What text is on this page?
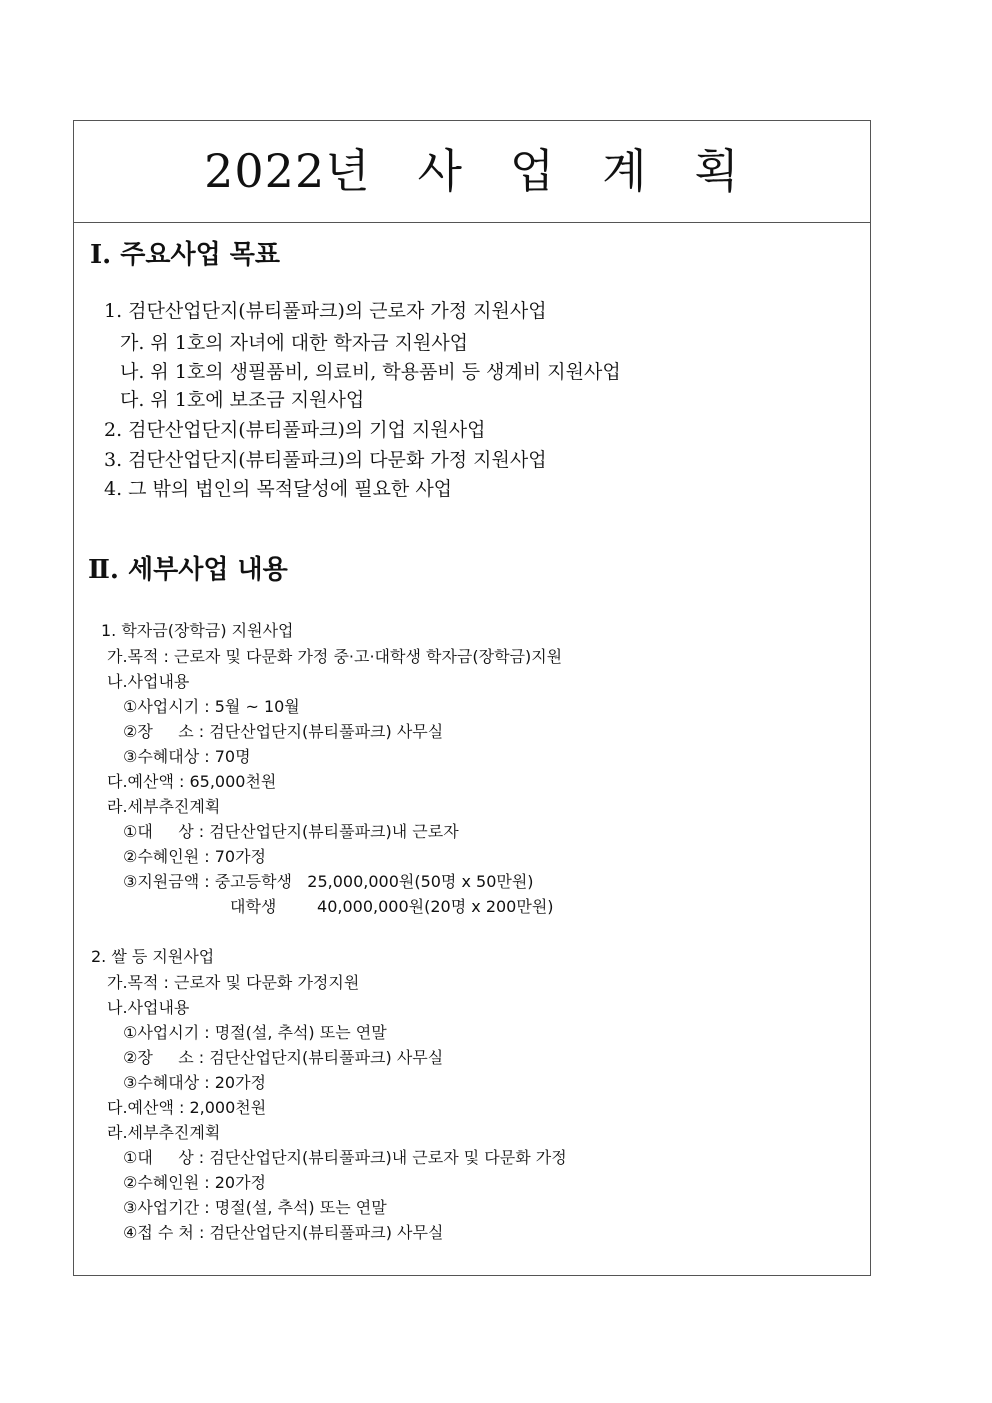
2022년   사   업   계   획
Ⅰ. 주요사업 목표
1. 검단산업단지(뷰티풀파크)의 근로자 가정 지원사업
가. 위 1호의 자녀에 대한 학자금 지원사업
나. 위 1호의 생필품비, 의료비, 학용품비 등 생계비 지원사업
다. 위 1호에 보조금 지원사업
2. 검단산업단지(뷰티풀파크)의 기업 지원사업
3. 검단산업단지(뷰티풀파크)의 다문화 가정 지원사업
4. 그 밖의 법인의 목적달성에 필요한 사업
Ⅱ. 세부사업 내용
1. 학자금(장학금) 지원사업
가.목적 : 근로자 및 다문화 가정 중·고·대학생 학자금(장학금)지원
나.사업내용
①사업시기 : 5월 ~ 10월
②장     소 : 검단산업단지(뷰티풀파크) 사무실
③수혜대상 : 70명
다.예산액 : 65,000천원
라.세부추진계획
①대     상 : 검단산업단지(뷰티풀파크)내 근로자
②수혜인원 : 70가정
③지원금액 : 중고등학생   25,000,000원(50명 x 50만원)
대학생        40,000,000원(20명 x 200만원)
2. 쌀 등 지원사업
가.목적 : 근로자 및 다문화 가정지원
나.사업내용
①사업시기 : 명절(설, 추석) 또는 연말
②장     소 : 검단산업단지(뷰티풀파크) 사무실
③수혜대상 : 20가정
다.예산액 : 2,000천원
라.세부추진계획
①대     상 : 검단산업단지(뷰티풀파크)내 근로자 및 다문화 가정
②수혜인원 : 20가정
③사업기간 : 명절(설, 추석) 또는 연말
④접 수 처 : 검단산업단지(뷰티풀파크) 사무실
